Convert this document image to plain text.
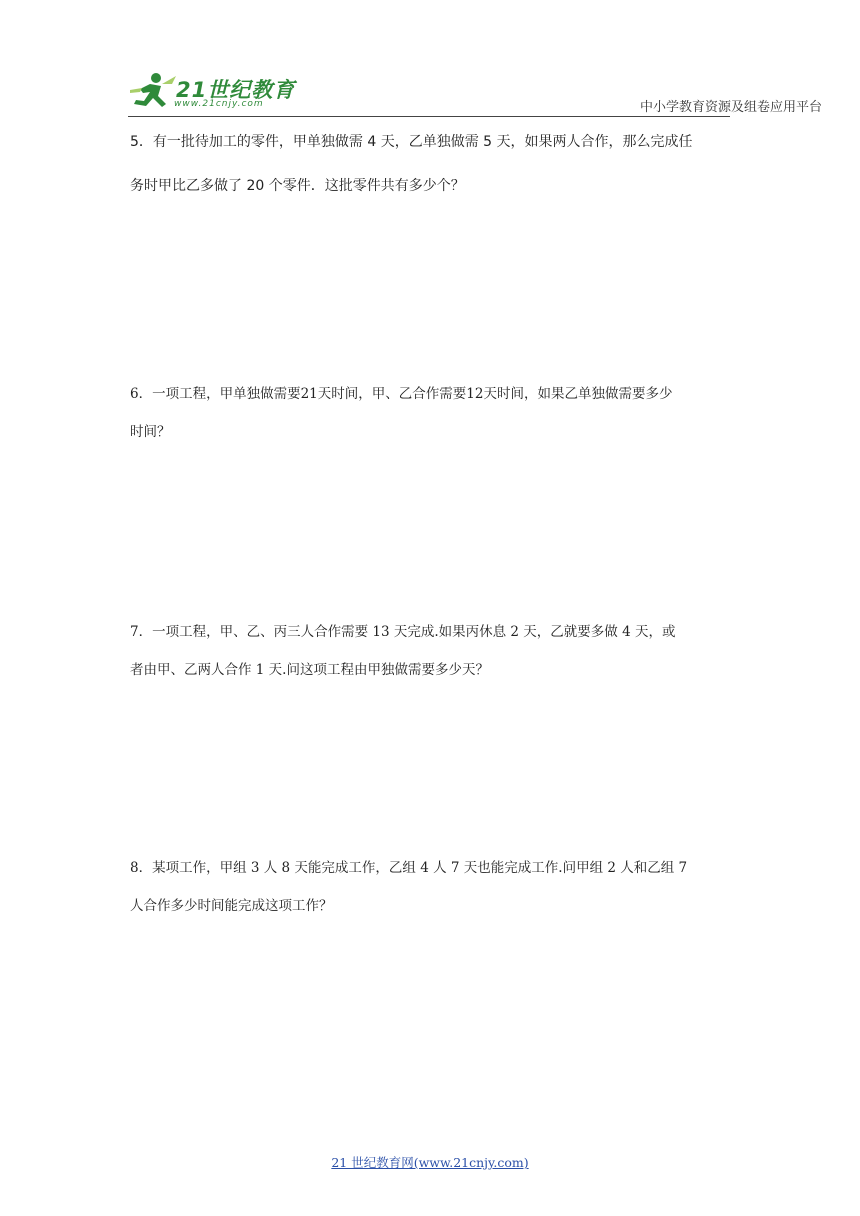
21世纪教育
www.21cnjy.com	中小学教育资源及组卷应用平台
5．有一批待加工的零件，甲单独做需 4 天，乙单独做需 5 天，如果两人合作，那么完成任
务时甲比乙多做了 20 个零件．这批零件共有多少个？
6．一项工程，甲单独做需要21天时间，甲、乙合作需要12天时间，如果乙单独做需要多少
时间？
7．一项工程，甲、乙、丙三人合作需要 13 天完成.如果丙休息 2 天，乙就要多做 4 天，或
者由甲、乙两人合作 1 天.问这项工程由甲独做需要多少天？
8．某项工作，甲组 3 人 8 天能完成工作，乙组 4 人 7 天也能完成工作.问甲组 2 人和乙组 7
人合作多少时间能完成这项工作？
21 世纪教育网(www.21cnjy.com)
